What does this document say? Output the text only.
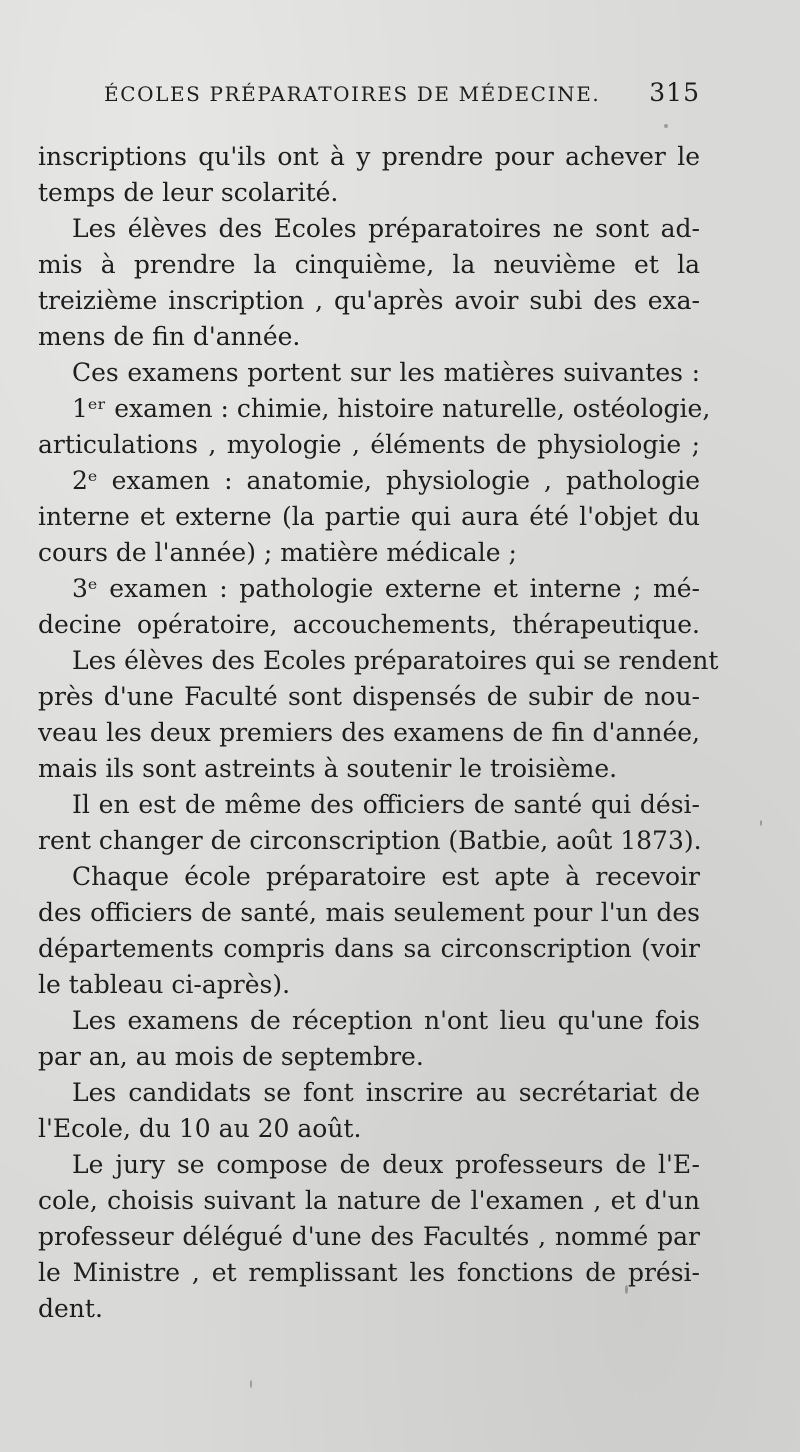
ÉCOLES PRÉPARATOIRES DE MÉDECINE. 315
inscriptions qu'ils ont à y prendre pour achever le
temps de leur scolarité.
Les élèves des Ecoles préparatoires ne sont ad-
mis à prendre la cinquième, la neuvième et la
treizième inscription , qu'après avoir subi des exa-
mens de fin d'année.
Ces examens portent sur les matières suivantes :
1ᵉʳ examen : chimie, histoire naturelle, ostéologie,
articulations , myologie , éléments de physiologie ;
2ᵉ examen : anatomie, physiologie , pathologie
interne et externe (la partie qui aura été l'objet du
cours de l'année) ; matière médicale ;
3ᵉ examen : pathologie externe et interne ; mé-
decine opératoire, accouchements, thérapeutique.
Les élèves des Ecoles préparatoires qui se rendent
près d'une Faculté sont dispensés de subir de nou-
veau les deux premiers des examens de fin d'année,
mais ils sont astreints à soutenir le troisième.
Il en est de même des officiers de santé qui dési-
rent changer de circonscription (Batbie, août 1873).
Chaque école préparatoire est apte à recevoir
des officiers de santé, mais seulement pour l'un des
départements compris dans sa circonscription (voir
le tableau ci-après).
Les examens de réception n'ont lieu qu'une fois
par an, au mois de septembre.
Les candidats se font inscrire au secrétariat de
l'Ecole, du 10 au 20 août.
Le jury se compose de deux professeurs de l'E-
cole, choisis suivant la nature de l'examen , et d'un
professeur délégué d'une des Facultés , nommé par
le Ministre , et remplissant les fonctions de prési-
dent.
